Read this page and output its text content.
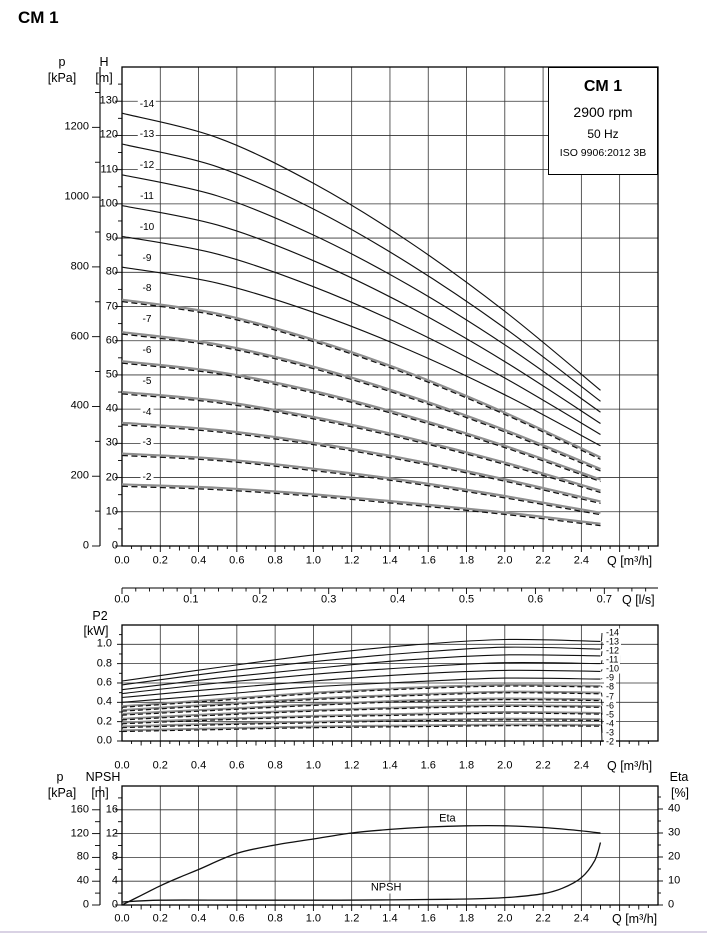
CM 1
-14
-13
-12
-11
-10
-9
-8
-7
-6
-5
-4
-3
-2
0.0 0.2 0.4 0.6 0.8 1.0 1.2 1.4 1.6 1.8 2.0 2.2 2.4
0
10
20
30
40
50
60
70
80
90
100
110
120
130
0
200
400
600
800
1000
1200
0.0	0.1	0.2	0.3	0.4	0.5	0.6	0.7
-14
-13
-12
-11
-10
-9
-8
-7
-6
-5
-4
-3
-2
0.0 0.2 0.4 0.6 0.8 1.0 1.2 1.4 1.6 1.8 2.0 2.2 2.4
0.0
0.2
0.4
0.6
0.8
1.0
Eta
NPSH
0.0 0.2 0.4 0.6 0.8 1.0 1.2 1.4 1.6 1.8 2.0 2.2 2.4
0
4
8
12
16
0
40
80
120
160
0
10
20
30
40
p
[kPa]
H
[m]
Q [m³/h]
Q [l/s]
P2
[kW]
Q [m³/h]
p
[kPa]
NPSH
[m]
Eta
[%]
Q [m³/h]
CM 1
2900 rpm
50 Hz
ISO 9906:2012 3B
